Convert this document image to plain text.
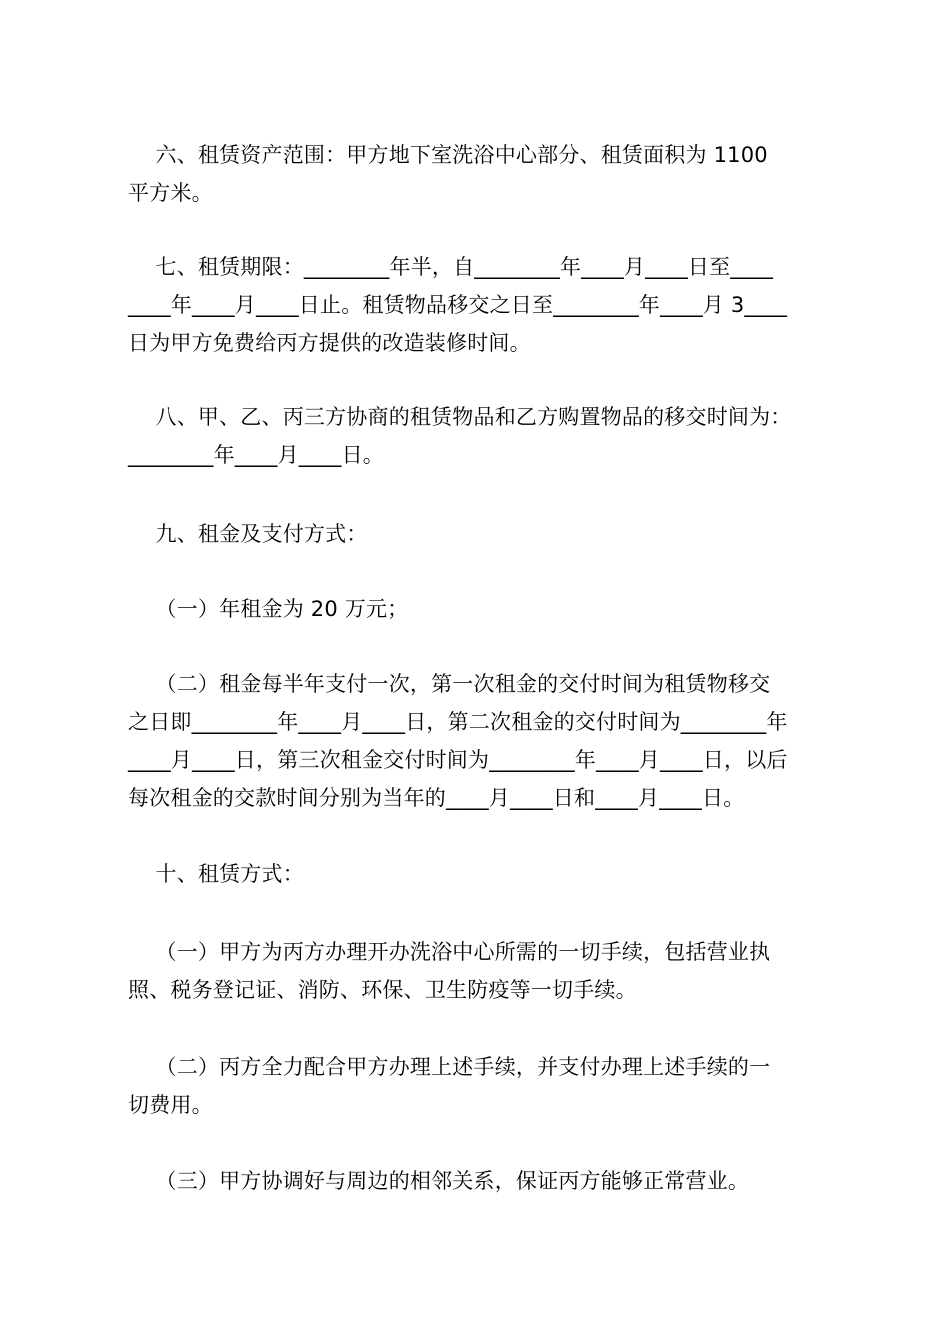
六、租赁资产范围：甲方地下室洗浴中心部分、租赁面积为 1100
平方米。
七、租赁期限：________年半，自________年____月____日至____
____年____月____日止。租赁物品移交之日至________年____月 3____
日为甲方免费给丙方提供的改造装修时间。
八、甲、乙、丙三方协商的租赁物品和乙方购置物品的移交时间为：
________年____月____日。
九、租金及支付方式：
（一）年租金为 20 万元；
（二）租金每半年支付一次，第一次租金的交付时间为租赁物移交
之日即________年____月____日，第二次租金的交付时间为________年
____月____日，第三次租金交付时间为________年____月____日，以后
每次租金的交款时间分别为当年的____月____日和____月____日。
十、租赁方式：
（一）甲方为丙方办理开办洗浴中心所需的一切手续，包括营业执
照、税务登记证、消防、环保、卫生防疫等一切手续。
（二）丙方全力配合甲方办理上述手续，并支付办理上述手续的一
切费用。
（三）甲方协调好与周边的相邻关系，保证丙方能够正常营业。
